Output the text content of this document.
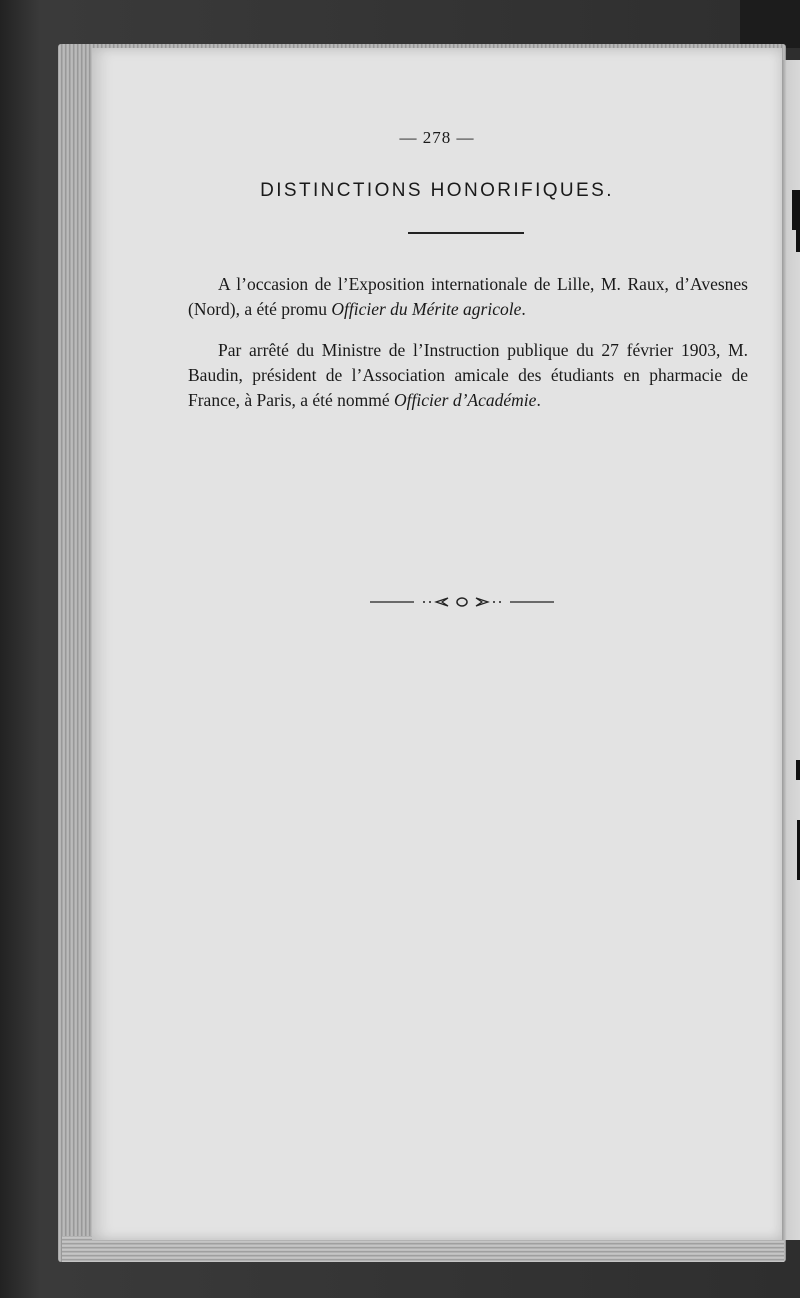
— 278 —
DISTINCTIONS HONORIFIQUES.

A l’occasion de l’Exposition internationale de Lille, M. Raux, d’Avesnes (Nord), a été promu Officier du Mérite agricole.

Par arrêté du Ministre de l’Instruction publique du 27 février 1903, M. Baudin, président de l’Association amicale des étudiants en pharmacie de France, à Paris, a été nommé Officier d’Académie.
